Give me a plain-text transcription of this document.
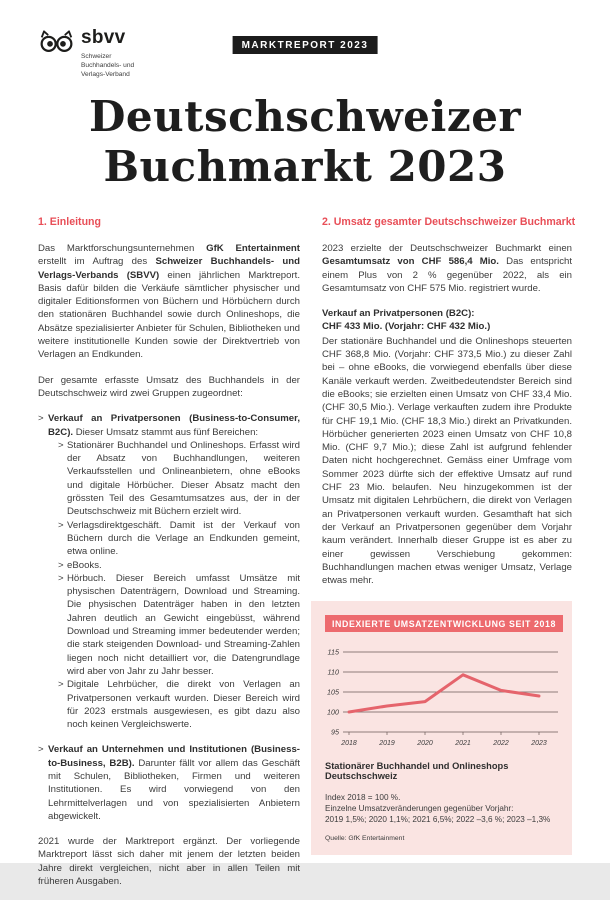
sbvv
Schweizer
Buchhandels- und
Verlags-Verband
MARKTREPORT 2023
Deutschschweizer
Buchmarkt 2023
1. Einleitung

Das Marktforschungsunternehmen GfK Entertainment erstellt im Auftrag des Schweizer Buchhandels- und Verlags-Verbands (SBVV) einen jährlichen Marktreport. Basis dafür bilden die Verkäufe sämtlicher physischer und digitaler Editionsformen von Büchern und Hörbüchern durch den stationären Buchhandel sowie durch Onlineshops, die Absätze spezialisierter Anbieter für Schulen, Bibliotheken und weitere institutionelle Kunden sowie der Direktvertrieb von Verlagen an Endkunden.

Der gesamte erfasste Umsatz des Buchhandels in der Deutschschweiz wird zwei Gruppen zugeordnet:

> Verkauf an Privatpersonen (Business-to-Consumer, B2C). Dieser Umsatz stammt aus fünf Bereichen:
> Stationärer Buchhandel und Onlineshops. Erfasst wird der Absatz von Buchhandlungen, weiteren Verkaufsstellen und Onlineanbietern, ohne eBooks und digitale Hörbücher. Dieser Absatz macht den grössten Teil des Gesamtumsatzes aus, der in der Deutschschweiz mit Büchern erzielt wird.
> Verlagsdirektgeschäft. Damit ist der Verkauf von Büchern durch die Verlage an Endkunden gemeint, etwa online.
> eBooks.
> Hörbuch. Dieser Bereich umfasst Umsätze mit physischen Datenträgern, Download und Streaming. Die physischen Datenträger haben in den letzten Jahren deutlich an Gewicht eingebüsst, während Download und Streaming immer bedeutender werden; die stark steigenden Download- und Streaming-Zahlen liegen noch nicht detailliert vor, die Datengrundlage wird aber von Jahr zu Jahr besser.
> Digitale Lehrbücher, die direkt von Verlagen an Privatpersonen verkauft wurden. Dieser Bereich wird für 2023 erstmals ausgewiesen, es gibt dazu also noch keinen Vergleichswerte.
> Verkauf an Unternehmen und Institutionen (Business-to-Business, B2B). Darunter fällt vor allem das Geschäft mit Schulen, Bibliotheken, Firmen und weiteren Institutionen. Es wird vorwiegend von den Lehrmittelverlagen und von spezialisierten Anbietern abgewickelt.

2021 wurde der Marktreport ergänzt. Der vorliegende Marktreport lässt sich daher mit jenem der letzten beiden Jahre direkt vergleichen, nicht aber in allen Teilen mit früheren Ausgaben.

2. Umsatz gesamter Deutschschweizer Buchmarkt

2023 erzielte der Deutschschweizer Buchmarkt einen Gesamtumsatz von CHF 586,4 Mio. Das entspricht einem Plus von 2 % gegenüber 2022, als ein Gesamtumsatz von CHF 575 Mio. registriert wurde.

Verkauf an Privatpersonen (B2C):
CHF 433 Mio. (Vorjahr: CHF 432 Mio.)

Der stationäre Buchhandel und die Onlineshops steuerten CHF 368,8 Mio. (Vorjahr: CHF 373,5 Mio.) zu dieser Zahl bei – ohne eBooks, die vorwiegend ebenfalls über diese Kanäle verkauft werden. Zweitbedeutendster Bereich sind die eBooks; sie erzielten einen Umsatz von CHF 33,4 Mio. (CHF 30,5 Mio.). Verlage verkauften zudem ihre Produkte für CHF 19,1 Mio. (CHF 18,3 Mio.) direkt an Privatkunden. Hörbücher generierten 2023 einen Umsatz von CHF 10,8 Mio. (CHF 9,7 Mio.); diese Zahl ist aufgrund fehlender Daten nicht hochgerechnet. Gemäss einer Umfrage vom Sommer 2023 dürfte sich der effektive Umsatz auf rund CHF 23 Mio. belaufen. Neu hinzugekommen ist der Umsatz mit digitalen Lehrbüchern, die direkt von Verlagen an Privatpersonen verkauft wurden. Gesamthaft hat sich der Verkauf an Privatpersonen gegenüber dem Vorjahr kaum verändert. Innerhalb dieser Gruppe ist es aber zu einer gewissen Verschiebung gekommen: Buchhandlungen machen etwas weniger Umsatz, Verlage etwas mehr.

INDEXIERTE UMSATZENTWICKLUNG SEIT 2018
95
100
105
110
115
2018	2019	2020	2021	2022	2023
Stationärer Buchhandel und Onlineshops Deutschschweiz
Index 2018 = 100 %.
Einzelne Umsatzveränderungen gegenüber Vorjahr:
2019 1,5%; 2020 1,1%; 2021 6,5%; 2022 –3,6 %; 2023 –1,3%
Quelle: GfK Entertainment
